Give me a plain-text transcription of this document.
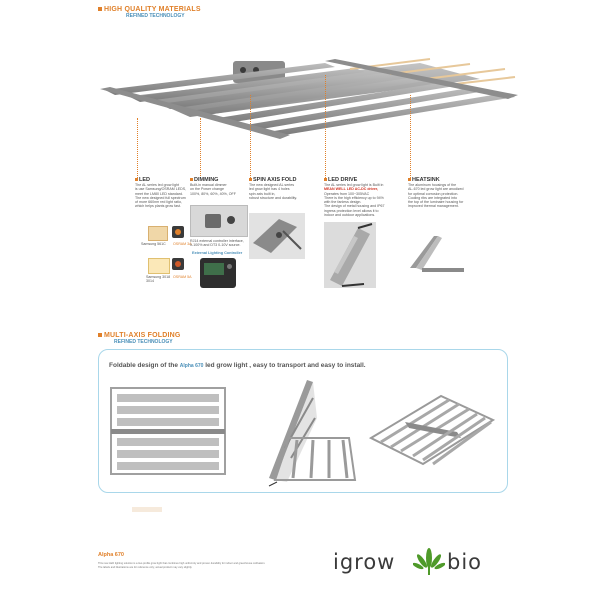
HIGH QUALITY MATERIALS
REFINED TECHNOLOGY
LED
The AL series led grow light
is use Samsung/OSRAM LEDS,
meet the LM80 LED standard.
The new designed full spectrum
of more 660nm red light ratio,
which helps plants grow fast.
Samsung 561C OSRAM 3A
Samsung 3018 3014
OSRAM 5A
DIMMING
Built-in manual dimmer
on the Power change
100%, 80%, 60%, 40%, OFF
RJ14 external controller interface,
0-100% and DT3 0-10V source.
External Lighting Controller
SPIN AXIS FOLD
The new designed AL series
led grow light has 4 holes
spin axis built in,
robust structure and durability.
LED DRIVE
The AL series led grow light is Built in
MEAN WELL LED AC-DC driver,
Operates from 100~305VAC
There is the high efficiency up to 94%
with the fanless design.
The design of metal housing and IP67
ingress protection level allows it to
indoor and outdoor applications.
HEATSINK
The aluminum housings of the
AL-670 led grow light are anodized
for optimal corrosion protection.
Cooling ribs are integrated into
the top of the luminaire housing for
improved thermal management.
MULTI-AXIS FOLDING
REFINED TECHNOLOGY
Foldable design of the Alpha 670 led grow light , easy to transport and easy to install.
Alpha 670
This new LED lighting solution is a low-profile grow light that combines high uniformity and proven durability for indoor and greenhouse cultivation.
The labels and illustrations are for reference only; actual product may vary slightly.	igrow bio
